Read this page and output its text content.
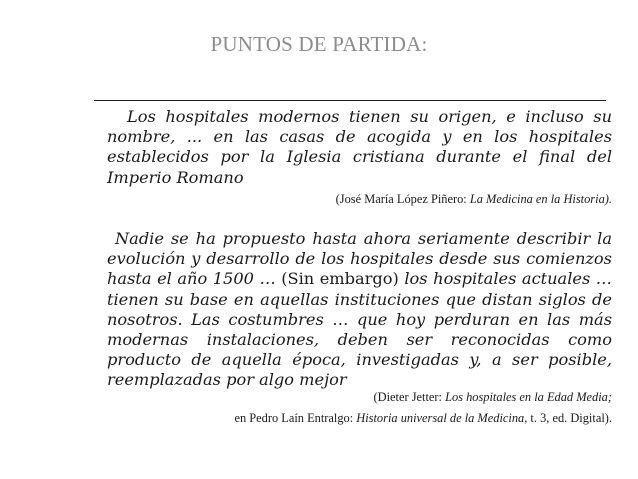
PUNTOS DE PARTIDA:
Los hospitales modernos tienen su origen, e incluso su
nombre, ... en las casas de acogida y en los hospitales
establecidos por la Iglesia cristiana durante el final del
Imperio Romano
(José María López Piñero: La Medicina en la Historia).
Nadie se ha propuesto hasta ahora seriamente describir la
evolución y desarrollo de los hospitales desde sus comienzos
hasta el año 1500 … (Sin embargo) los hospitales actuales …
tienen su base en aquellas instituciones que distan siglos de
nosotros. Las costumbres … que hoy perduran en las más
modernas instalaciones, deben ser reconocidas como
producto de aquella época, investigadas y, a ser posible,
reemplazadas por algo mejor
(Dieter Jetter: Los hospitales en la Edad Media;
en Pedro Laín Entralgo: Historia universal de la Medicina, t. 3, ed. Digital).
